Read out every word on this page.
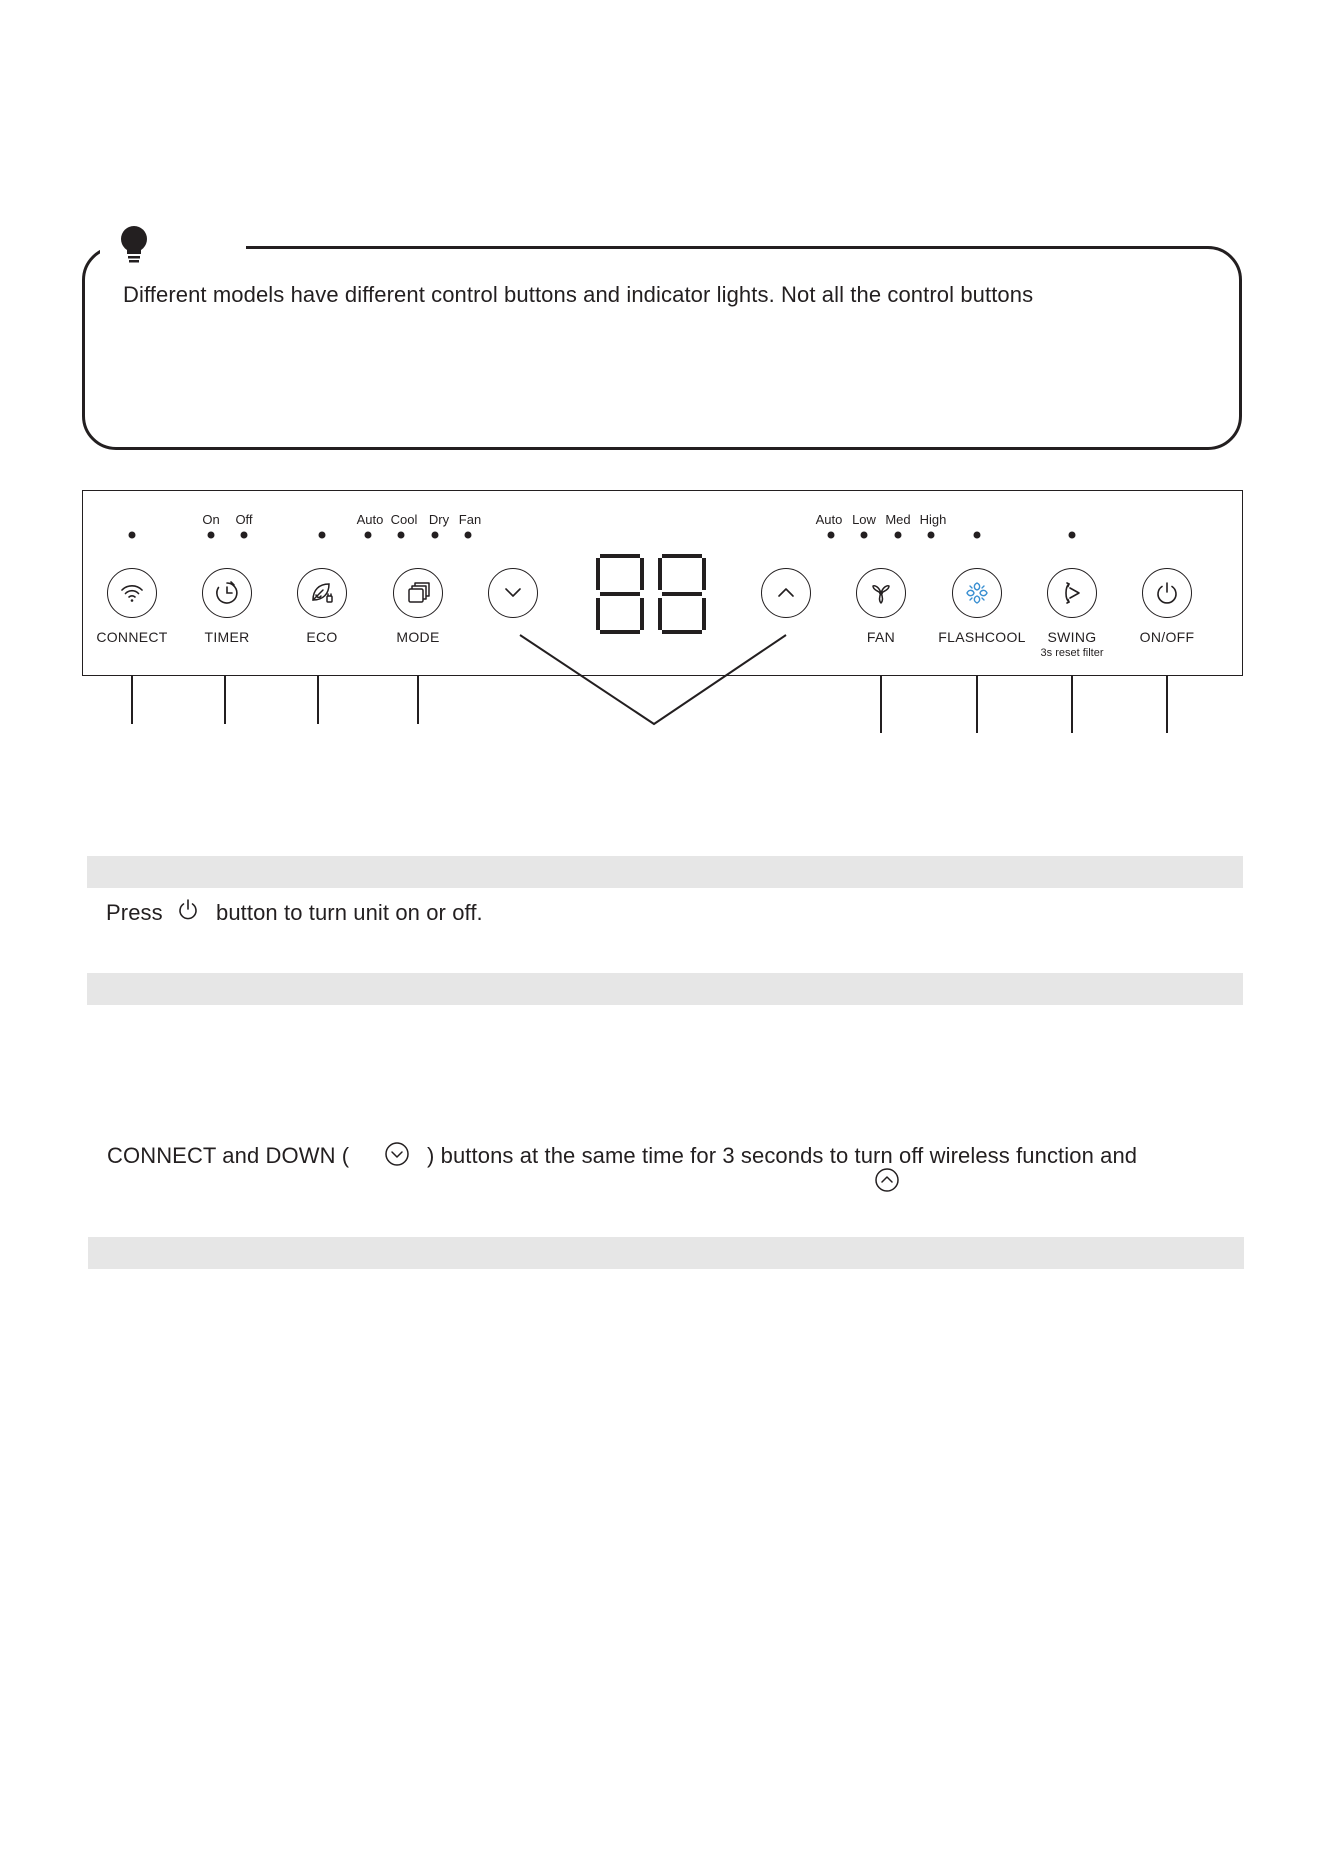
Different models have different control buttons and indicator lights. Not all the control buttons
On Off	Auto Cool Dry Fan	Auto Low Med High
CONNECT	TIMER	ECO	MODE	FAN	FLASHCOOL SWING
3s reset filter
ON/OFF
Press button to turn unit on or off.
CONNECT and DOWN (	) buttons at the same time for 3 seconds to turn off wireless function and
